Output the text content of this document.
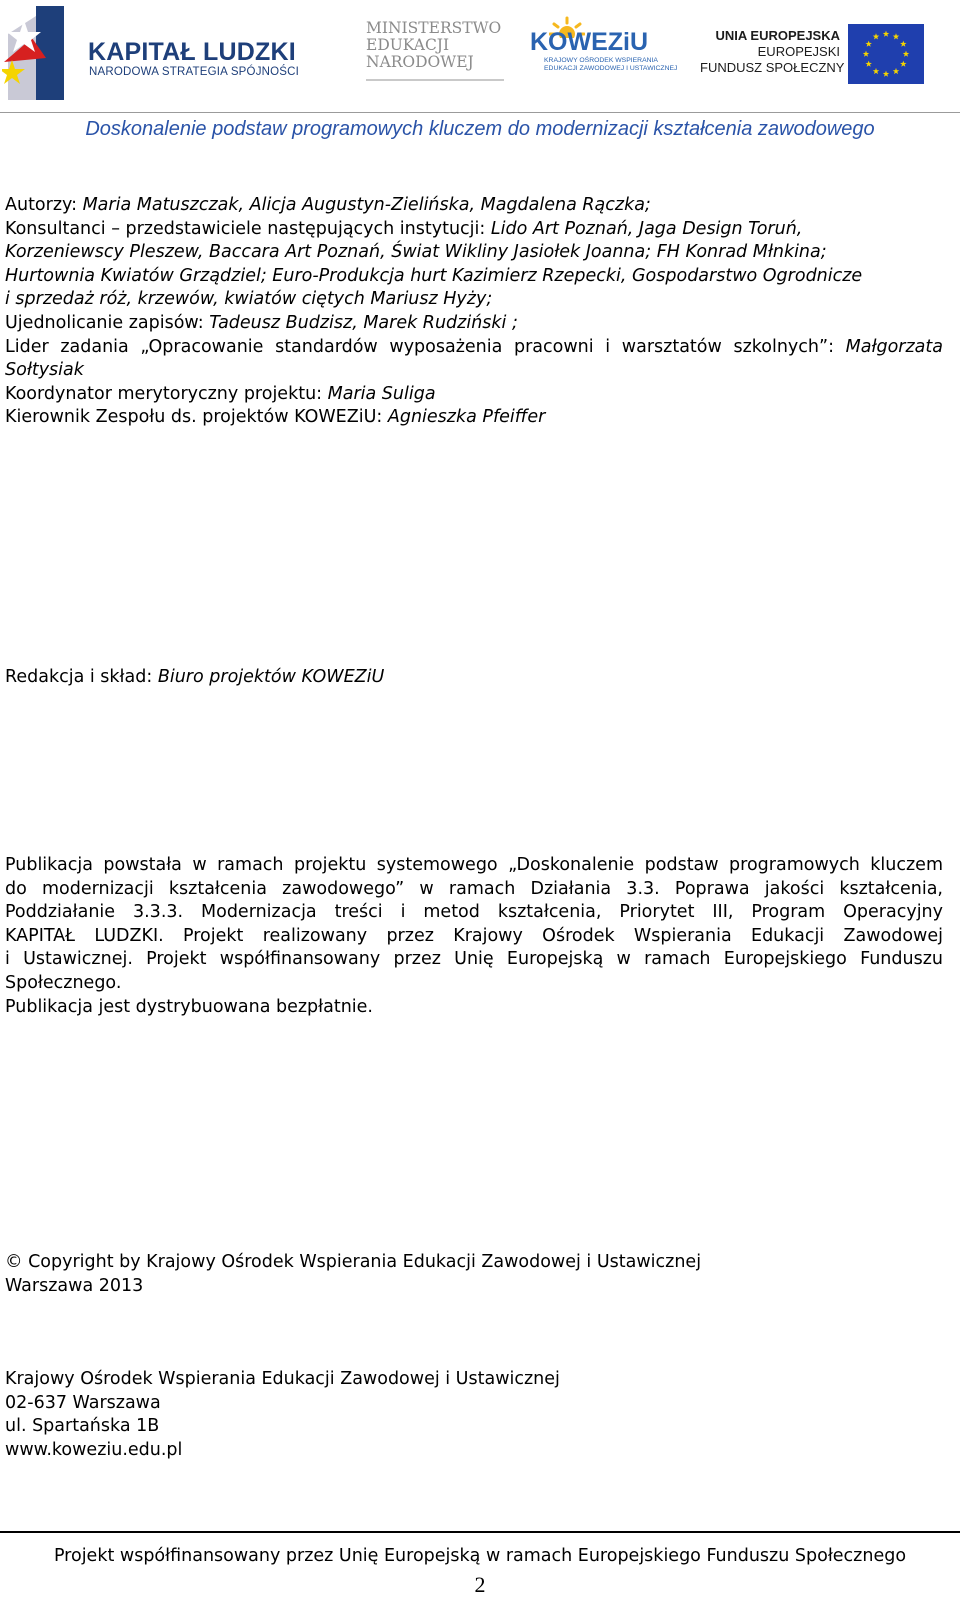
KAPITAŁ LUDZKI
NARODOWA STRATEGIA SPÓJNOŚCI
MINISTERSTWO
EDUKACJI
NARODOWEJ
KOWEZiU
KRAJOWY OŚRODEK WSPIERANIA
EDUKACJI ZAWODOWEJ I USTAWICZNEJ
UNIA EUROPEJSKA
EUROPEJSKI
FUNDUSZ SPOŁECZNY
Doskonalenie podstaw programowych kluczem do modernizacji kształcenia zawodowego
Autorzy: Maria Matuszczak, Alicja Augustyn-Zielińska, Magdalena Rączka;
Konsultanci – przedstawiciele następujących instytucji: Lido Art Poznań, Jaga Design Toruń,
Korzeniewscy Pleszew, Baccara Art Poznań, Świat Wikliny Jasiołek Joanna; FH Konrad Młnkina;
Hurtownia Kwiatów Grządziel; Euro-Produkcja hurt Kazimierz Rzepecki, Gospodarstwo Ogrodnicze
i sprzedaż róż, krzewów, kwiatów ciętych Mariusz Hyży;
Ujednolicanie zapisów: Tadeusz Budzisz, Marek Rudziński ;
Lider zadania „Opracowanie standardów wyposażenia pracowni i warsztatów szkolnych”: Małgorzata
Sołtysiak
Koordynator merytoryczny projektu: Maria Suliga
Kierownik Zespołu ds. projektów KOWEZiU: Agnieszka Pfeiffer
Redakcja i skład: Biuro projektów KOWEZiU
Publikacja powstała w ramach projektu systemowego „Doskonalenie podstaw programowych kluczem
do modernizacji kształcenia zawodowego” w ramach Działania 3.3. Poprawa jakości kształcenia,
Poddziałanie 3.3.3. Modernizacja treści i metod kształcenia, Priorytet III, Program Operacyjny
KAPITAŁ LUDZKI. Projekt realizowany przez Krajowy Ośrodek Wspierania Edukacji Zawodowej
i Ustawicznej. Projekt współfinansowany przez Unię Europejską w ramach Europejskiego Funduszu
Społecznego.
Publikacja jest dystrybuowana bezpłatnie.
© Copyright by Krajowy Ośrodek Wspierania Edukacji Zawodowej i Ustawicznej
Warszawa 2013
Krajowy Ośrodek Wspierania Edukacji Zawodowej i Ustawicznej
02-637 Warszawa
ul. Spartańska 1B
www.koweziu.edu.pl
Projekt współfinansowany przez Unię Europejską w ramach Europejskiego Funduszu Społecznego
2
